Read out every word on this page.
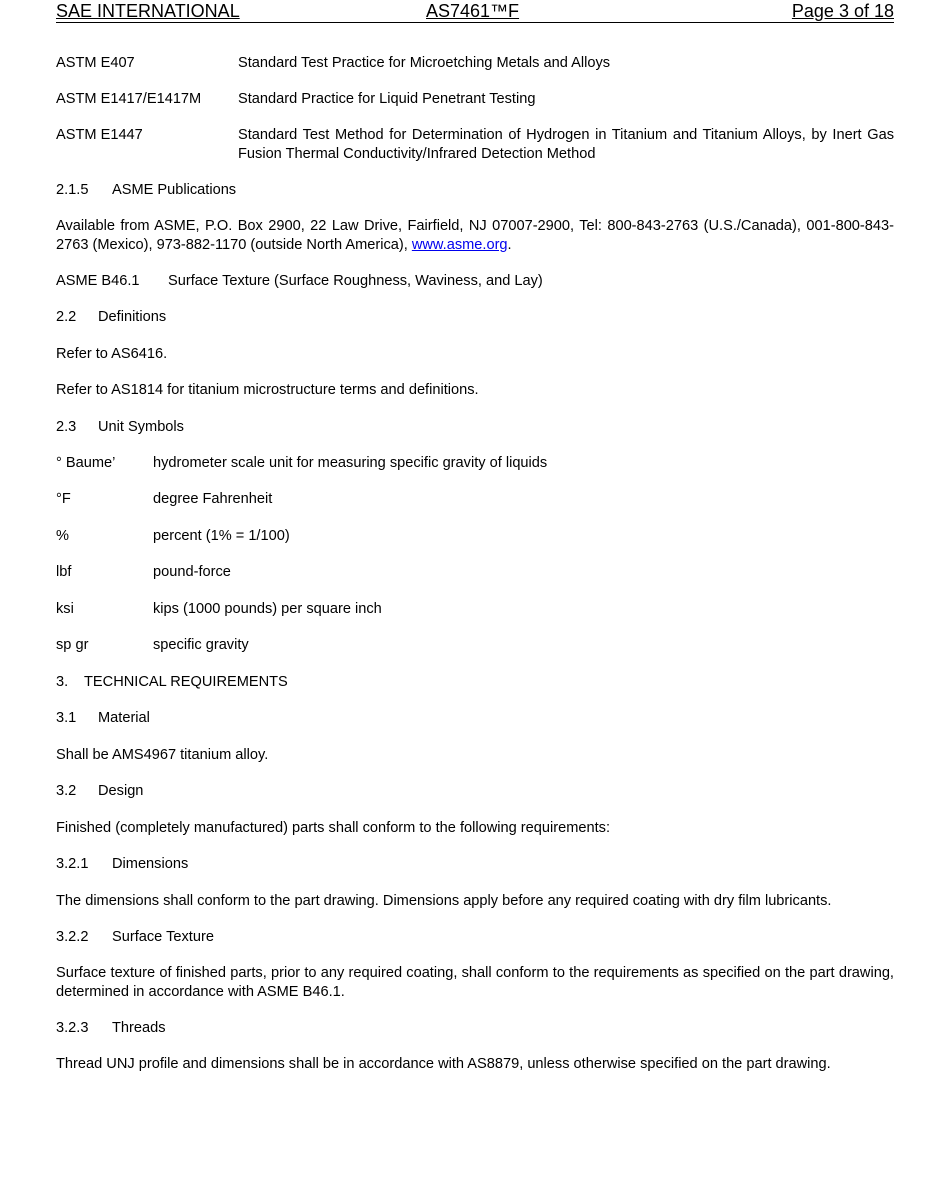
SAE INTERNATIONAL	AS7461™F	Page 3 of 18
ASTM E407	Standard Test Practice for Microetching Metals and Alloys
ASTM E1417/E1417M	Standard Practice for Liquid Penetrant Testing
ASTM E1447	Standard Test Method for Determination of Hydrogen in Titanium and Titanium Alloys, by Inert Gas Fusion Thermal Conductivity/Infrared Detection Method
2.1.5 ASME Publications
Available from ASME, P.O. Box 2900, 22 Law Drive, Fairfield, NJ 07007-2900, Tel: 800-843-2763 (U.S./Canada), 001-800-843-2763 (Mexico), 973-882-1170 (outside North America), www.asme.org.
ASME B46.1 Surface Texture (Surface Roughness, Waviness, and Lay)
2.2 Definitions
Refer to AS6416.
Refer to AS1814 for titanium microstructure terms and definitions.
2.3 Unit Symbols
° Baume’	hydrometer scale unit for measuring specific gravity of liquids
°F	degree Fahrenheit
%	percent (1% = 1/100)
lbf	pound-force
ksi	kips (1000 pounds) per square inch
sp gr	specific gravity
3. TECHNICAL REQUIREMENTS
3.1 Material
Shall be AMS4967 titanium alloy.
3.2 Design
Finished (completely manufactured) parts shall conform to the following requirements:
3.2.1 Dimensions
The dimensions shall conform to the part drawing. Dimensions apply before any required coating with dry film lubricants.
3.2.2 Surface Texture
Surface texture of finished parts, prior to any required coating, shall conform to the requirements as specified on the part drawing, determined in accordance with ASME B46.1.
3.2.3 Threads
Thread UNJ profile and dimensions shall be in accordance with AS8879, unless otherwise specified on the part drawing.
